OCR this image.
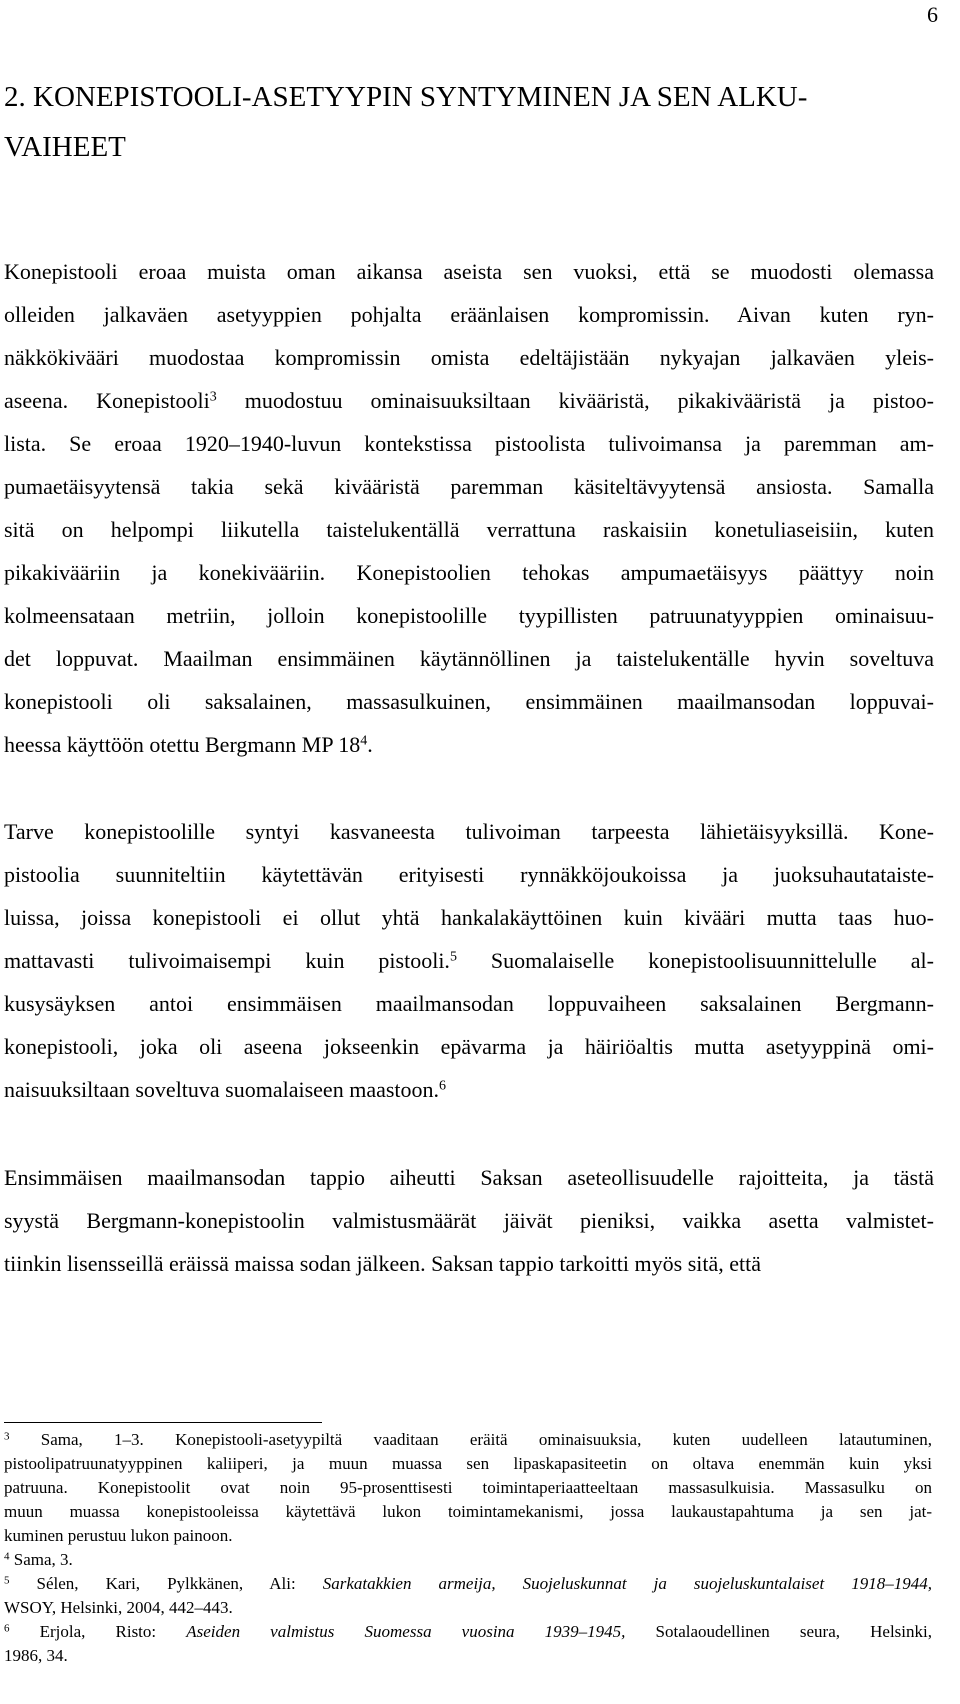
6
2. KONEPISTOOLI-ASETYYPIN SYNTYMINEN JA SEN ALKU-
VAIHEET
Konepistooli eroaa muista oman aikansa aseista sen vuoksi, että se muodosti olemassa
olleiden jalkaväen asetyyppien pohjalta eräänlaisen kompromissin. Aivan kuten ryn-
näkkökivääri muodostaa kompromissin omista edeltäjistään nykyajan jalkaväen yleis-
aseena. Konepistooli$^3$ muodostuu ominaisuuksiltaan kivääristä, pikakivääristä ja pistoo-
lista. Se eroaa 1920–1940-luvun kontekstissa pistoolista tulivoimansa ja paremman am-
pumaetäisyytensä takia sekä kivääristä paremman käsiteltävyytensä ansiosta. Samalla
sitä on helpompi liikutella taistelukentällä verrattuna raskaisiin konetuliaseisiin, kuten
pikakivääriin ja konekivääriin. Konepistoolien tehokas ampumaetäisyys päättyy noin
kolmeensataan metriin, jolloin konepistoolille tyypillisten patruunatyyppien ominaisuu-
det loppuvat. Maailman ensimmäinen käytännöllinen ja taistelukentälle hyvin soveltuva
konepistooli oli saksalainen, massasulkuinen, ensimmäinen maailmansodan loppuvai-
heessa käyttöön otettu Bergmann MP $18^4$.
Tarve konepistoolille syntyi kasvaneesta tulivoiman tarpeesta lähietäisyyksillä. Kone-
pistoolia suunniteltiin käytettävän erityisesti rynnäkköjoukoissa ja juoksuhautataiste-
luissa, joissa konepistooli ei ollut yhtä hankalakäyttöinen kuin kivääri mutta taas huo-
mattavasti tulivoimaisempi kuin pistooli.$^5$ Suomalaiselle konepistoolisuunnittelulle al-
kusysäyksen antoi ensimmäisen maailmansodan loppuvaiheen saksalainen Bergmann-
konepistooli, joka oli aseena jokseenkin epävarma ja häiriöaltis mutta asetyyppinä omi-
naisuuksiltaan soveltuva suomalaiseen maastoon.$^6$
Ensimmäisen maailmansodan tappio aiheutti Saksan aseteollisuudelle rajoitteita, ja tästä
syystä Bergmann-konepistoolin valmistusmäärät jäivät pieniksi, vaikka asetta valmistet-
tiinkin lisensseillä eräissä maissa sodan jälkeen. Saksan tappio tarkoitti myös sitä, että
$^3$ Sama, 1–3. Konepistooli-asetyypiltä vaaditaan eräitä ominaisuuksia, kuten uudelleen latautuminen,
pistoolipatruunatyyppinen kaliiperi, ja muun muassa sen lipaskapasiteetin on oltava enemmän kuin yksi
patruuna. Konepistoolit ovat noin 95-prosenttisesti toimintaperiaatteeltaan massasulkuisia. Massasulku on
muun muassa konepistooleissa käytettävä lukon toimintamekanismi, jossa laukaustapahtuma ja sen jat-
kuminen perustuu lukon painoon.
$^4$ Sama, 3.
$^5$ Sélen, Kari, Pylkkänen, Ali: Sarkatakkien armeija, Suojeluskunnat ja suojeluskuntalaiset 1918–1944,
WSOY, Helsinki, 2004, 442–443.
$^6$ Erjola, Risto: Aseiden valmistus Suomessa vuosina 1939–1945, Sotalaoudellinen seura, Helsinki,
1986, 34.
